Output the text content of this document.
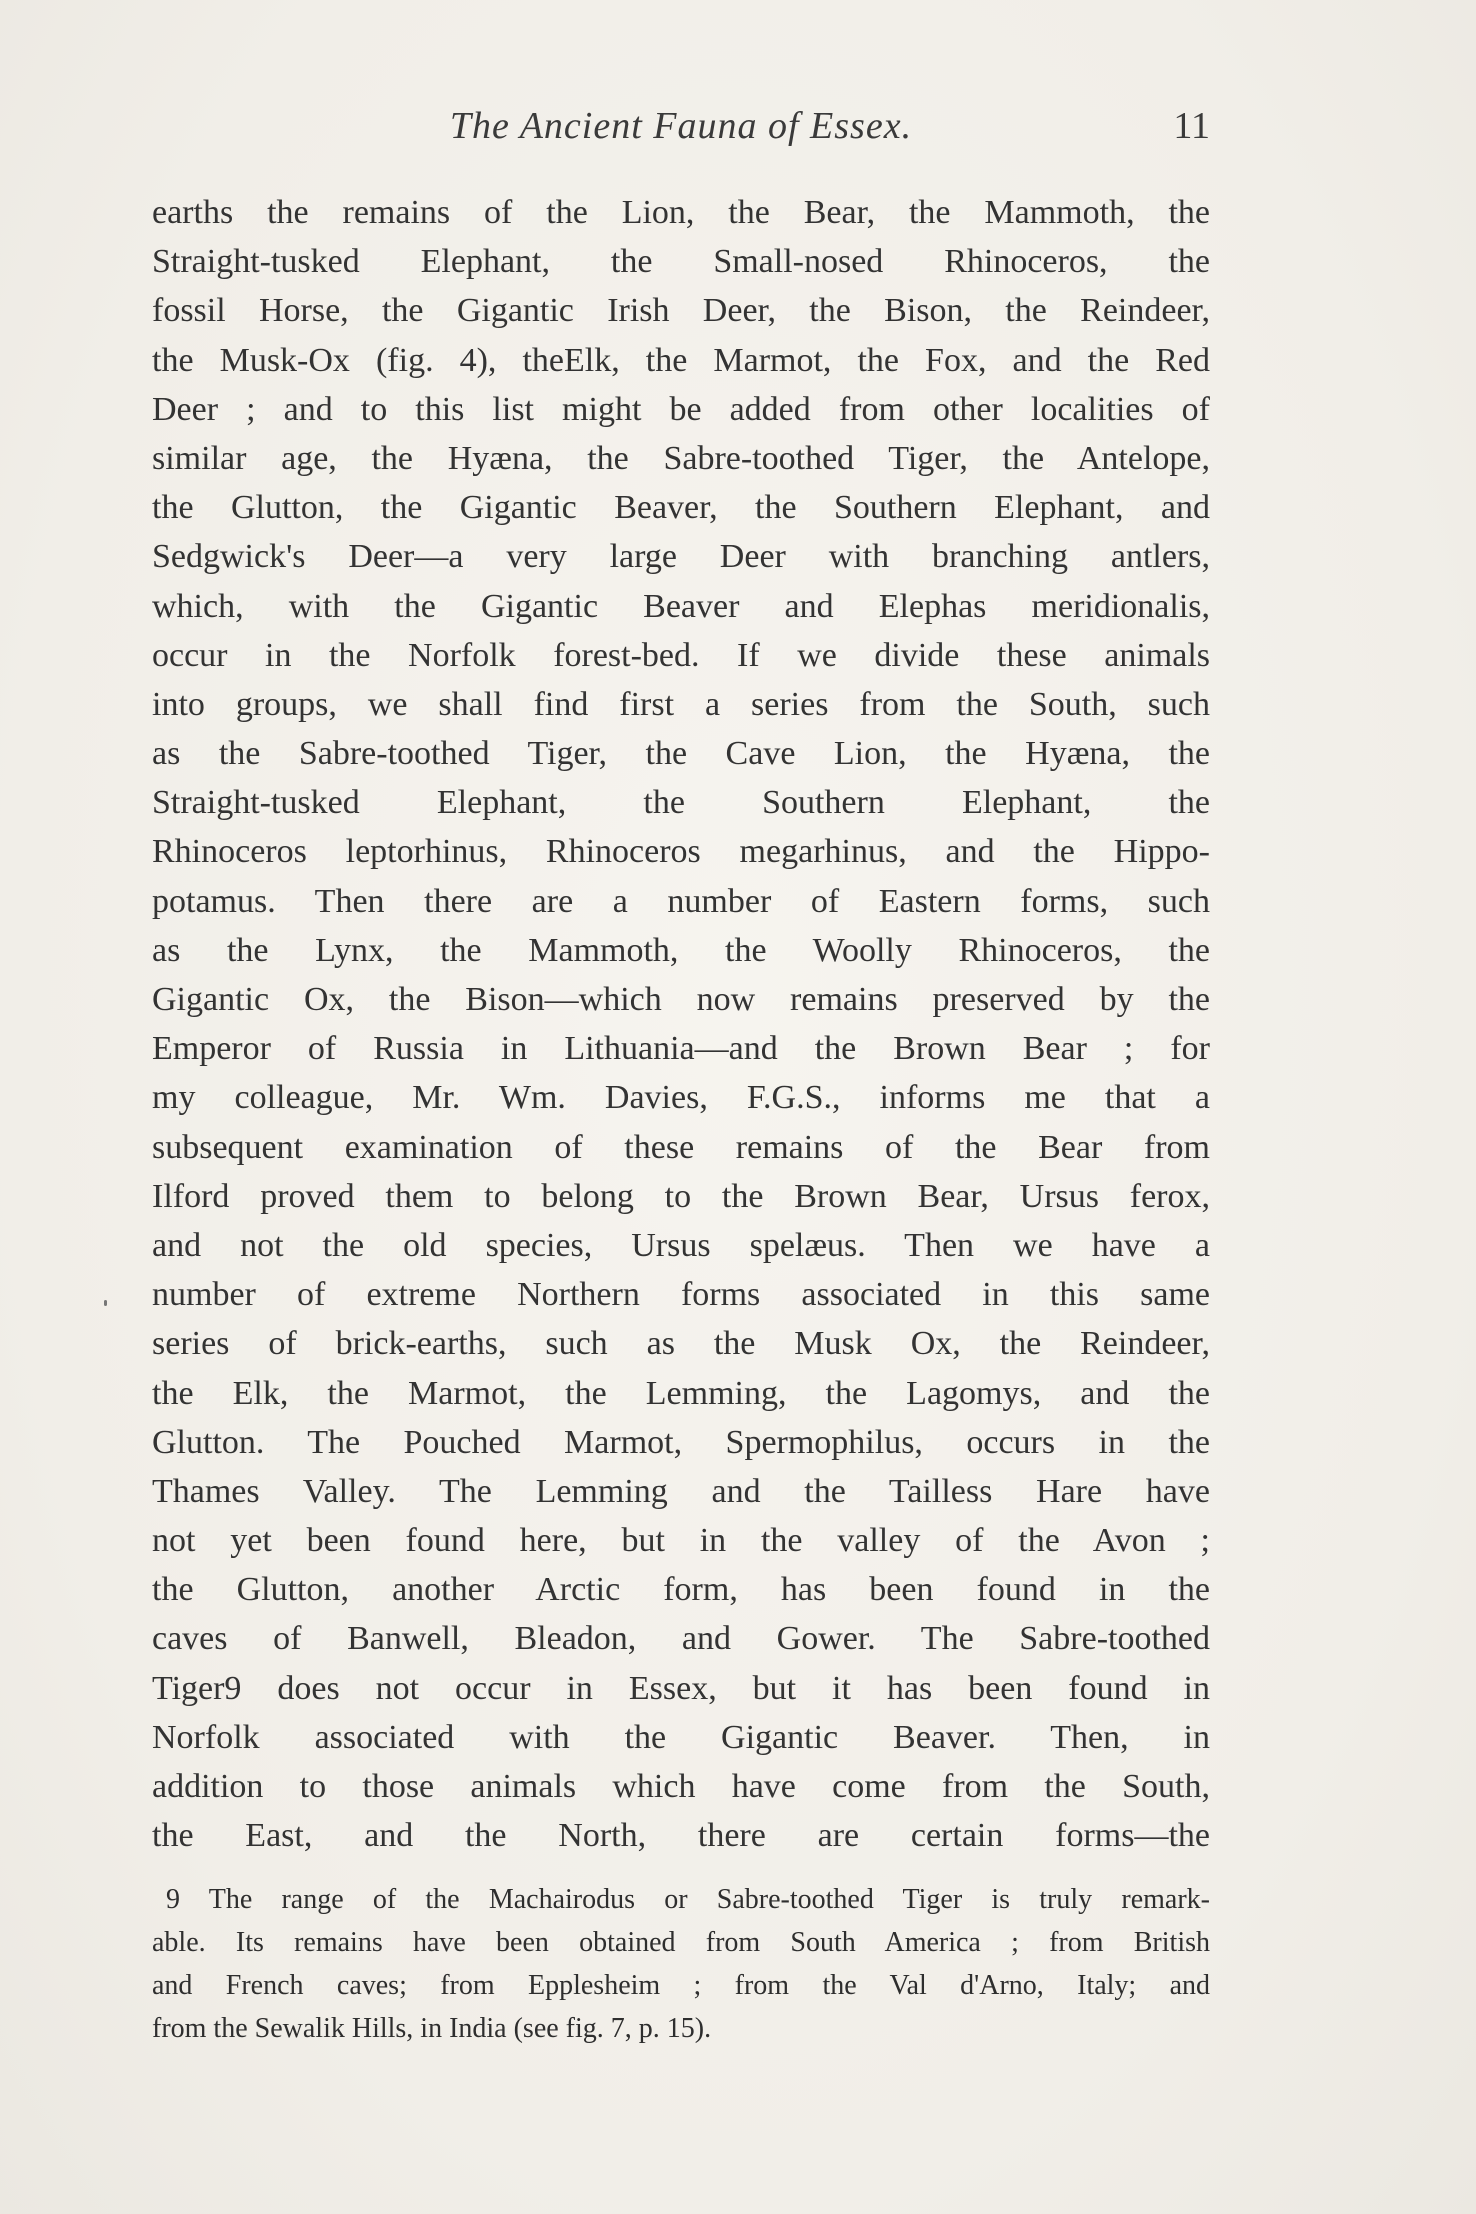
The Ancient Fauna of Essex.	11
earths the remains of the Lion, the Bear, the Mammoth, the
Straight-tusked Elephant, the Small-nosed Rhinoceros, the
fossil Horse, the Gigantic Irish Deer, the Bison, the Reindeer,
the Musk-Ox (fig. 4), theElk, the Marmot, the Fox, and the Red
Deer ; and to this list might be added from other localities of
similar age, the Hyæna, the Sabre-toothed Tiger, the Antelope,
the Glutton, the Gigantic Beaver, the Southern Elephant, and
Sedgwick's Deer—a very large Deer with branching antlers,
which, with the Gigantic Beaver and Elephas meridionalis,
occur in the Norfolk forest-bed. If we divide these animals
into groups, we shall find first a series from the South, such
as the Sabre-toothed Tiger, the Cave Lion, the Hyæna, the
Straight-tusked Elephant, the Southern Elephant, the
Rhinoceros leptorhinus, Rhinoceros megarhinus, and the Hippo-
potamus. Then there are a number of Eastern forms, such
as the Lynx, the Mammoth, the Woolly Rhinoceros, the
Gigantic Ox, the Bison—which now remains preserved by the
Emperor of Russia in Lithuania—and the Brown Bear ; for
my colleague, Mr. Wm. Davies, F.G.S., informs me that a
subsequent examination of these remains of the Bear from
Ilford proved them to belong to the Brown Bear, Ursus ferox,
and not the old species, Ursus spelæus. Then we have a
number of extreme Northern forms associated in this same
series of brick-earths, such as the Musk Ox, the Reindeer,
the Elk, the Marmot, the Lemming, the Lagomys, and the
Glutton. The Pouched Marmot, Spermophilus, occurs in the
Thames Valley. The Lemming and the Tailless Hare have
not yet been found here, but in the valley of the Avon ;
the Glutton, another Arctic form, has been found in the
caves of Banwell, Bleadon, and Gower. The Sabre-toothed
Tiger9 does not occur in Essex, but it has been found in
Norfolk associated with the Gigantic Beaver. Then, in
addition to those animals which have come from the South,
the East, and the North, there are certain forms—the
9 The range of the Machairodus or Sabre-toothed Tiger is truly remark-
able. Its remains have been obtained from South America ; from British
and French caves; from Epplesheim ; from the Val d'Arno, Italy; and
from the Sewalik Hills, in India (see fig. 7, p. 15).
